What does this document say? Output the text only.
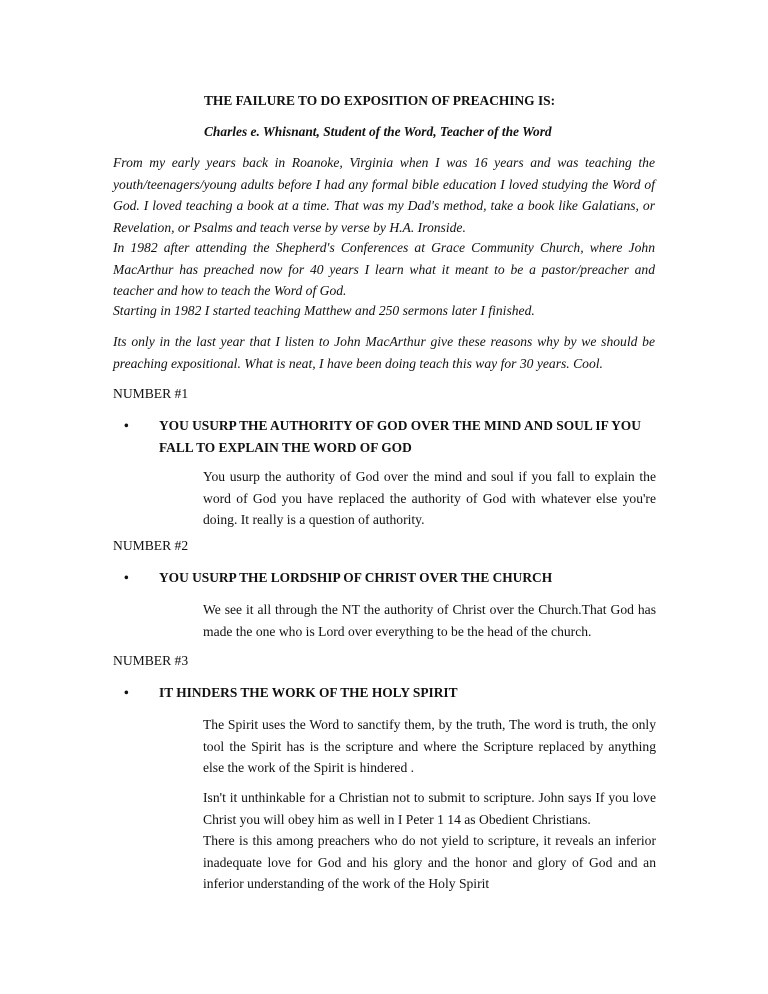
THE FAILURE TO DO EXPOSITION OF PREACHING IS:
Charles e. Whisnant, Student of the Word, Teacher of the Word

From my early years back in Roanoke, Virginia when I was 16 years and was teaching the youth/teenagers/young adults before I had any formal bible education I loved studying the Word of God. I loved teaching a book at a time. That was my Dad's method, take a book like Galatians, or Revelation, or Psalms and teach verse by verse by H.A. Ironside.

In 1982 after attending the Shepherd's Conferences at Grace Community Church, where John MacArthur has preached now for 40 years I learn what it meant to be a pastor/preacher and teacher and how to teach the Word of God.

Starting in 1982 I started teaching Matthew and 250 sermons later I finished.

Its only in the last year that I listen to John MacArthur give these reasons why by we should be preaching expositional. What is neat, I have been doing teach this way for 30 years. Cool.

NUMBER #1
•	YOU USURP THE AUTHORITY OF GOD OVER THE MIND AND SOUL IF YOU FALL TO EXPLAIN THE WORD OF GOD

You usurp the authority of God over the mind and soul if you fall to explain the word of God you have replaced the authority of God with whatever else you're doing. It really is a question of authority.

NUMBER #2
•	YOU USURP THE LORDSHIP OF CHRIST OVER THE CHURCH

We see it all through the NT the authority of Christ over the Church.That God has made the one who is Lord over everything to be the head of the church.

NUMBER #3
•	IT HINDERS THE WORK OF THE HOLY SPIRIT

The Spirit uses the Word to sanctify them, by the truth, The word is truth, the only tool the Spirit has is the scripture and where the Scripture replaced by anything else the work of the Spirit is hindered .

Isn't it unthinkable for a Christian not to submit to scripture. John says If you love Christ you will obey him as well in I Peter 1 14 as Obedient Christians.

There is this among preachers who do not yield to scripture, it reveals an inferior inadequate love for God and his glory and the honor and glory of God and an inferior understanding of the work of the Holy Spirit
